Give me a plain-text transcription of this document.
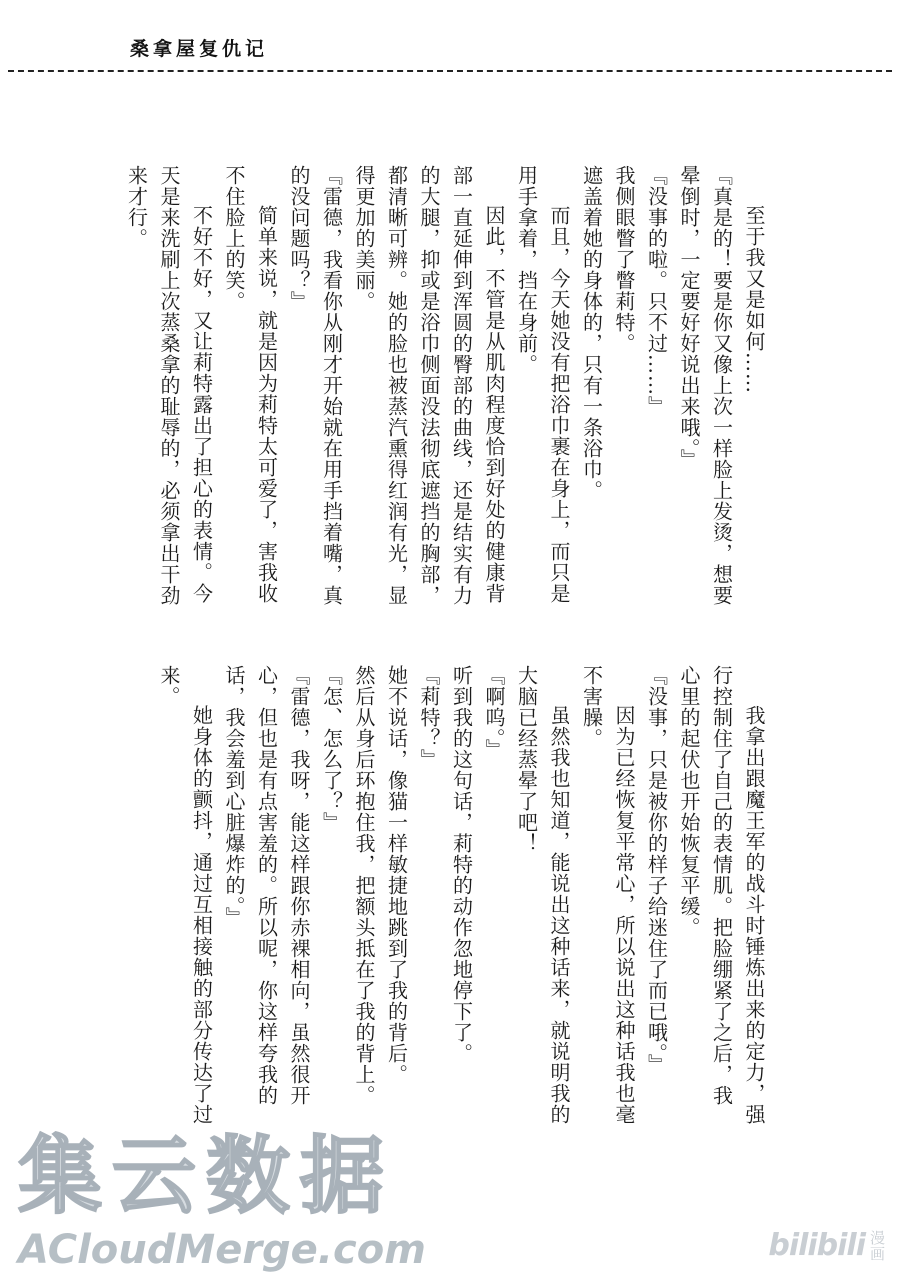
桑拿屋复仇记

至于我又是如何……

『真是的！要是你又像上次一样脸上发烫，想要晕倒时，一定要好好说出来哦。』

『没事的啦。只不过……』

我侧眼瞥了瞥莉特。

遮盖着她的身体的，只有一条浴巾。

而且，今天她没有把浴巾裹在身上，而只是用手拿着，挡在身前。

因此，不管是从肌肉程度恰到好处的健康背部一直延伸到浑圆的臀部的曲线，还是结实有力的大腿，抑或是浴巾侧面没法彻底遮挡的胸部，都清晰可辨。她的脸也被蒸汽熏得红润有光，显得更加的美丽。

『雷德，我看你从刚才开始就在用手挡着嘴，真的没问题吗？』

简单来说，就是因为莉特太可爱了，害我收不住脸上的笑。

不好不好，又让莉特露出了担心的表情。今天是来洗刷上次蒸桑拿的耻辱的，必须拿出干劲来才行。

我拿出跟魔王军的战斗时锤炼出来的定力，强行控制住了自己的表情肌。把脸绷紧了之后，我心里的起伏也开始恢复平缓。

『没事，只是被你的样子给迷住了而已哦。』

因为已经恢复平常心，所以说出这种话我也毫不害臊。

虽然我也知道，能说出这种话来，就说明我的大脑已经蒸晕了吧！

『啊呜。』

听到我的这句话，莉特的动作忽地停下了。

『莉特？』

她不说话，像猫一样敏捷地跳到了我的背后。

然后从身后环抱住我，把额头抵在了我的背上。

『怎、怎么了？』

『雷德，我呀，能这样跟你赤裸相向，虽然很开心，但也是有点害羞的。所以呢，你这样夸我的话，我会羞到心脏爆炸的。』

她身体的颤抖，通过互相接触的部分传达了过来。

集云数据
ACloudMerge.com	bilibili 漫画
